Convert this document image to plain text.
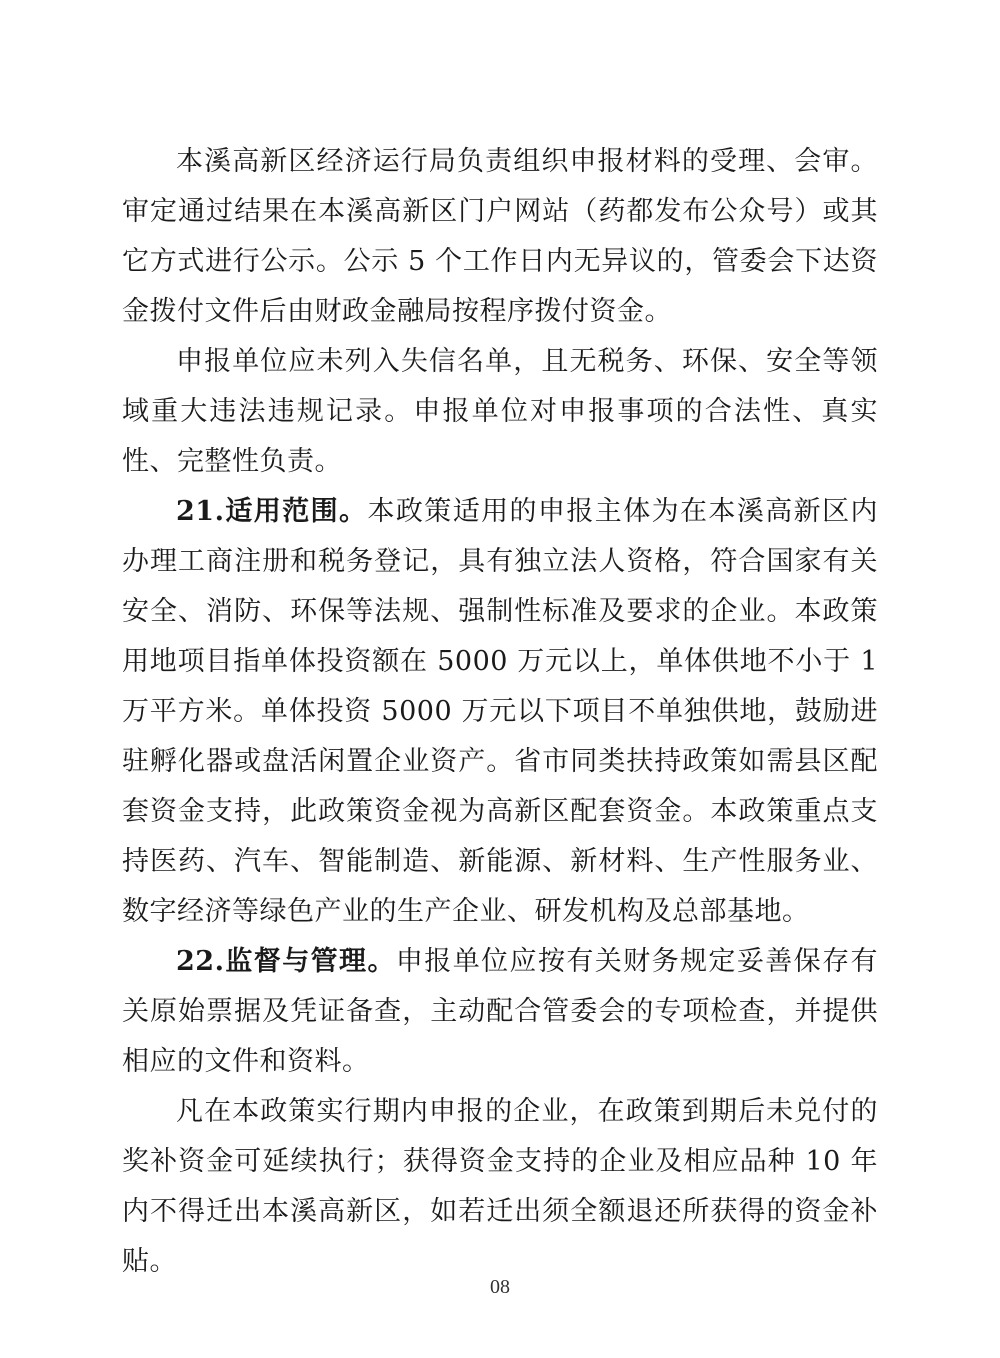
本溪高新区经济运行局负责组织申报材料的受理、会审。审定通过结果在本溪高新区门户网站（药都发布公众号）或其它方式进行公示。公示 5 个工作日内无异议的，管委会下达资金拨付文件后由财政金融局按程序拨付资金。

申报单位应未列入失信名单，且无税务、环保、安全等领域重大违法违规记录。申报单位对申报事项的合法性、真实性、完整性负责。

21.适用范围。本政策适用的申报主体为在本溪高新区内办理工商注册和税务登记，具有独立法人资格，符合国家有关安全、消防、环保等法规、强制性标准及要求的企业。本政策用地项目指单体投资额在 5000 万元以上，单体供地不小于 1 万平方米。单体投资 5000 万元以下项目不单独供地，鼓励进驻孵化器或盘活闲置企业资产。省市同类扶持政策如需县区配套资金支持，此政策资金视为高新区配套资金。本政策重点支持医药、汽车、智能制造、新能源、新材料、生产性服务业、数字经济等绿色产业的生产企业、研发机构及总部基地。

22.监督与管理。申报单位应按有关财务规定妥善保存有关原始票据及凭证备查，主动配合管委会的专项检查，并提供相应的文件和资料。

凡在本政策实行期内申报的企业，在政策到期后未兑付的奖补资金可延续执行；获得资金支持的企业及相应品种 10 年内不得迁出本溪高新区，如若迁出须全额退还所获得的资金补贴。

08
